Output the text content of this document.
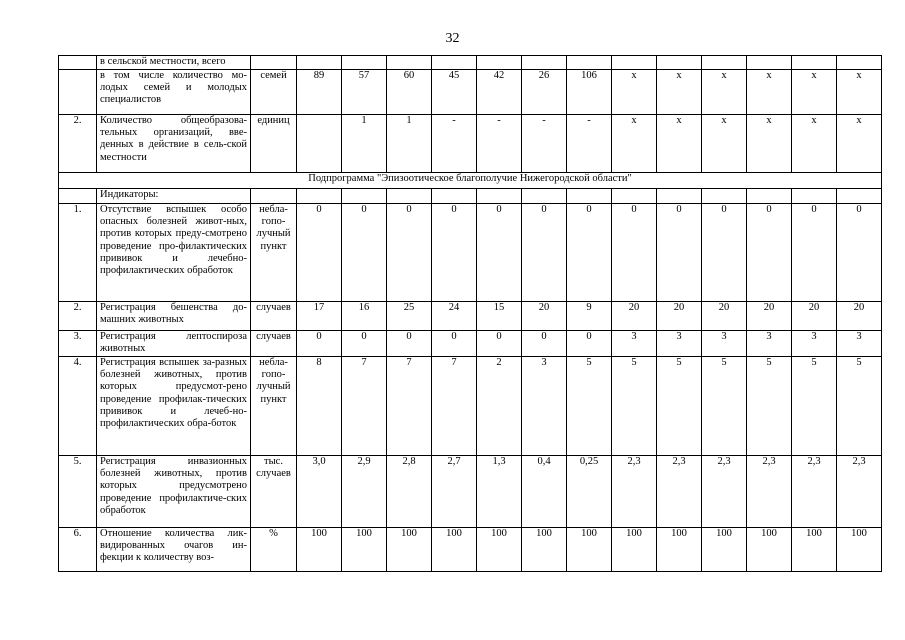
32
	в сельской местности, всего														
	в том числе количество мо-лодых семей и молодых специалистов	семей	89	57	60	45	42	26	106	x	x	x	x	x	x
2.	Количество общеобразова-тельных организаций, вве-денных в действие в сель-ской местности	единиц		1	1	-	-	-	-	x	x	x	x	x	x
Подпрограмма "Эпизоотическое благополучие Нижегородской области"															
	Индикаторы:														
1.	Отсутствие вспышек особо опасных болезней живот-ных, против которых преду-смотрено проведение про-филактических прививок и лечебно-профилактических обработок	небла-гопо-лучный пункт	0	0	0	0	0	0	0	0	0	0	0	0	0
2.	Регистрация бешенства до-машних животных	случаев	17	16	25	24	15	20	9	20	20	20	20	20	20
3.	Регистрация лептоспироза животных	случаев	0	0	0	0	0	0	0	3	3	3	3	3	3
4.	Регистрация вспышек за-разных болезней животных, против которых предусмот-рено проведение профилак-тических прививок и лечеб-но-профилактических обра-боток	небла-гопо-лучный пункт	8	7	7	7	2	3	5	5	5	5	5	5	5
5.	Регистрация инвазионных болезней животных, против которых предусмотрено проведение профилактиче-ских обработок	тыс. случаев	3,0	2,9	2,8	2,7	1,3	0,4	0,25	2,3	2,3	2,3	2,3	2,3	2,3
6.	Отношение количества лик-видированных очагов ин-фекции к количеству воз-	%	100	100	100	100	100	100	100	100	100	100	100	100	100
